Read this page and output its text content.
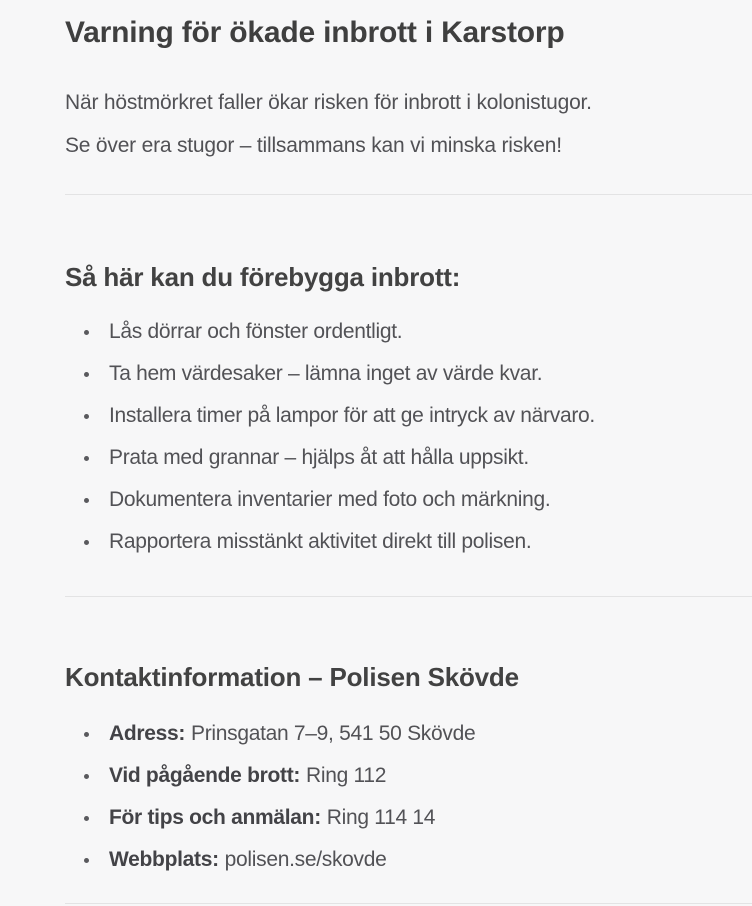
Varning för ökade inbrott i Karstorp
När höstmörkret faller ökar risken för inbrott i kolonistugor.
Se över era stugor – tillsammans kan vi minska risken!
Så här kan du förebygga inbrott:
Lås dörrar och fönster ordentligt.
Ta hem värdesaker – lämna inget av värde kvar.
Installera timer på lampor för att ge intryck av närvaro.
Prata med grannar – hjälps åt att hålla uppsikt.
Dokumentera inventarier med foto och märkning.
Rapportera misstänkt aktivitet direkt till polisen.
Kontaktinformation – Polisen Skövde
Adress: Prinsgatan 7–9, 541 50 Skövde
Vid pågående brott: Ring 112
För tips och anmälan: Ring 114 14
Webbplats: polisen.se/skovde
